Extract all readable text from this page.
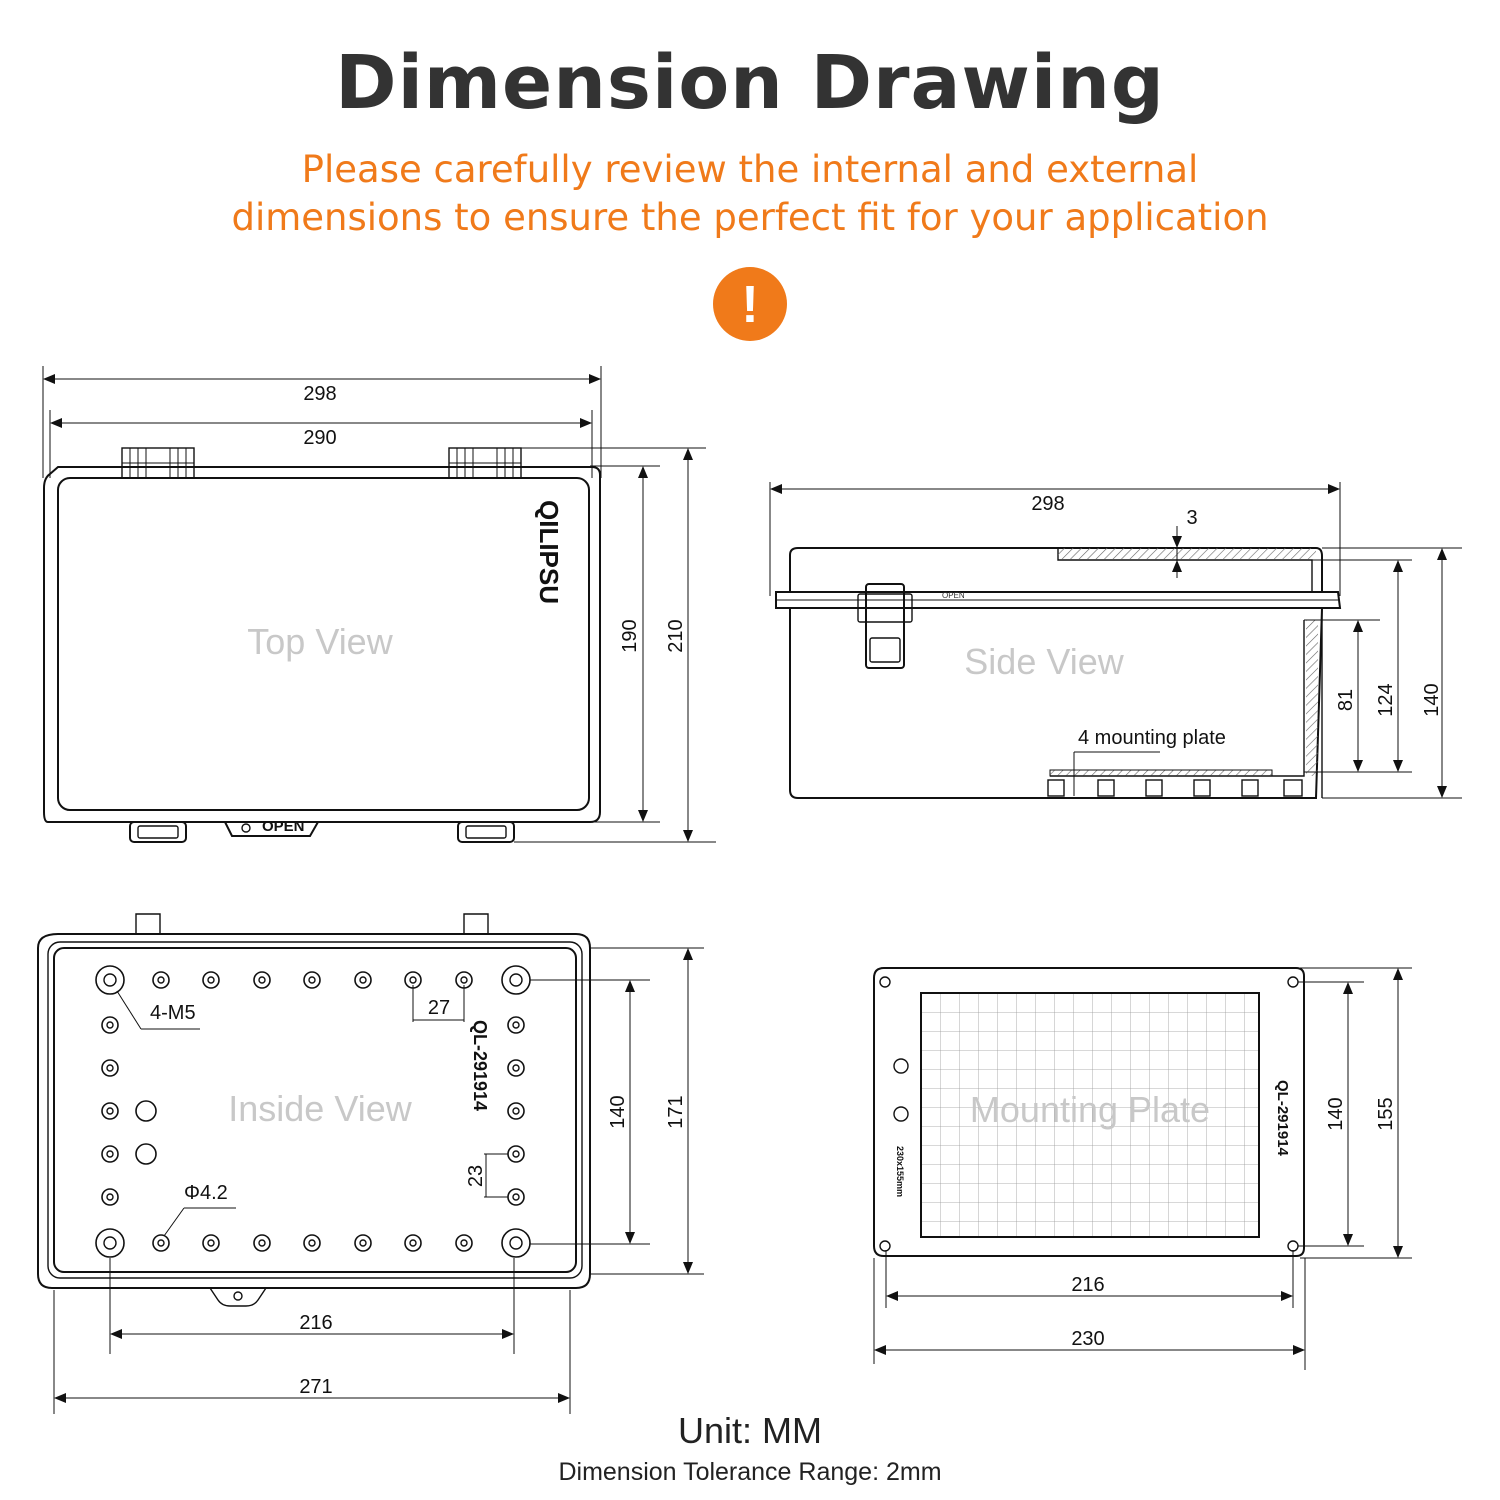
Dimension Drawing
Please carefully review the internal and external
dimensions to ensure the perfect fit for your application
!
OPEN
QILIPSU
Top View
298
290
190 210
OPEN
Side View
4 mounting plate
298
3
81 124 140
QL-291914
Inside View
4-M5
Φ4.2
27
23
216
271
140 171	QL-291914
230x155mm
Mounting Plate
216
230
140 155
Unit: MM
Dimension Tolerance Range: 2mm
